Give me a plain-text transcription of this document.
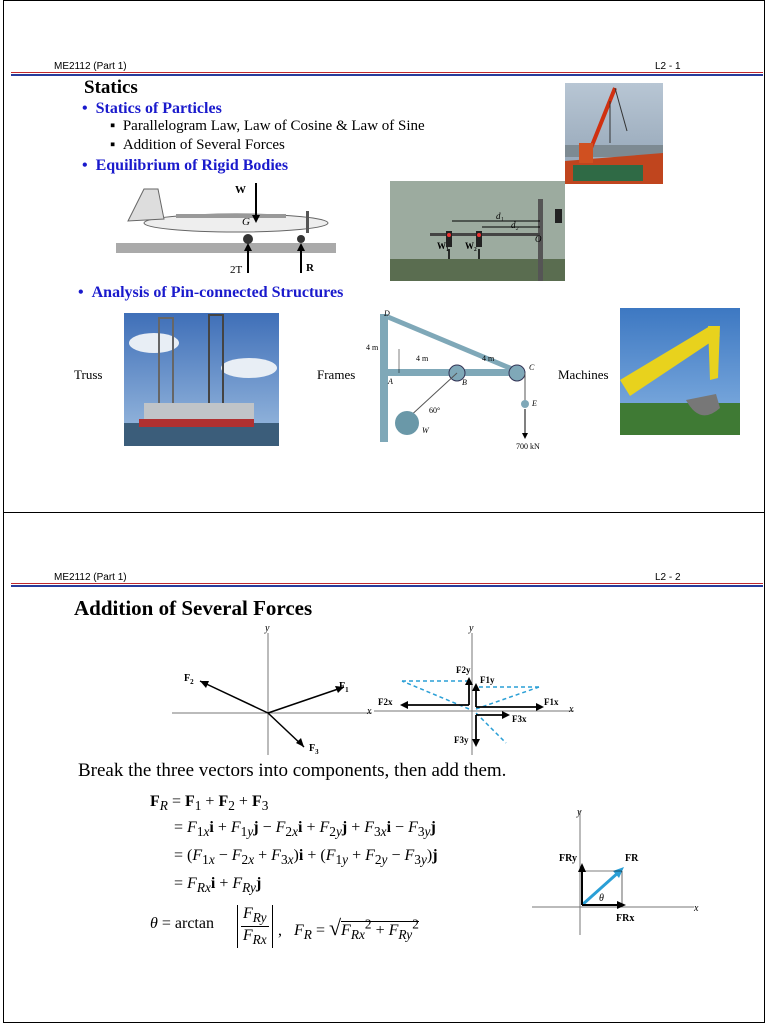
ME2112 (Part 1)	L2 - 1
Statics
•  Statics of Particles
▪  Parallelogram Law, Law of Cosine & Law of Sine
▪  Addition of Several Forces
•  Equilibrium of Rigid Bodies
•  Analysis of Pin-connected Structures
W
G
2T	R
d₁
d₂
O
W₁ W₂
Truss	Frames
D
A	B
C
E
W
4 m
4 m	4 m
60°
700 kN
Machines
ME2112 (Part 1)	L2 - 2
Addition of Several Forces
y
x
$F_1$
$F_2$
$F_3$
y
x
F1x
F1y
F2x
F2y
F3x
F3y
Break the three vectors into components, then add them.
$F_R = F_1 + F_2 + F_3$
= $F_{1x}i + F_{1y}j - F_{2x}i + F_{2y}j + F_{3x}i - F_{3y}j$
= $(F_{1x} - F_{2x} + F_{3x})i + (F_{1y} + F_{2y} - F_{3y})j$
= $F_{Rx}i + F_{Ry}j$
θ = arctan
$F_{Ry}$
$F_{Rx}$
,   $F_R = √F_{Rx}^2 + F_{Ry}^2$
y
x
FR
FRy
FRx
θ
